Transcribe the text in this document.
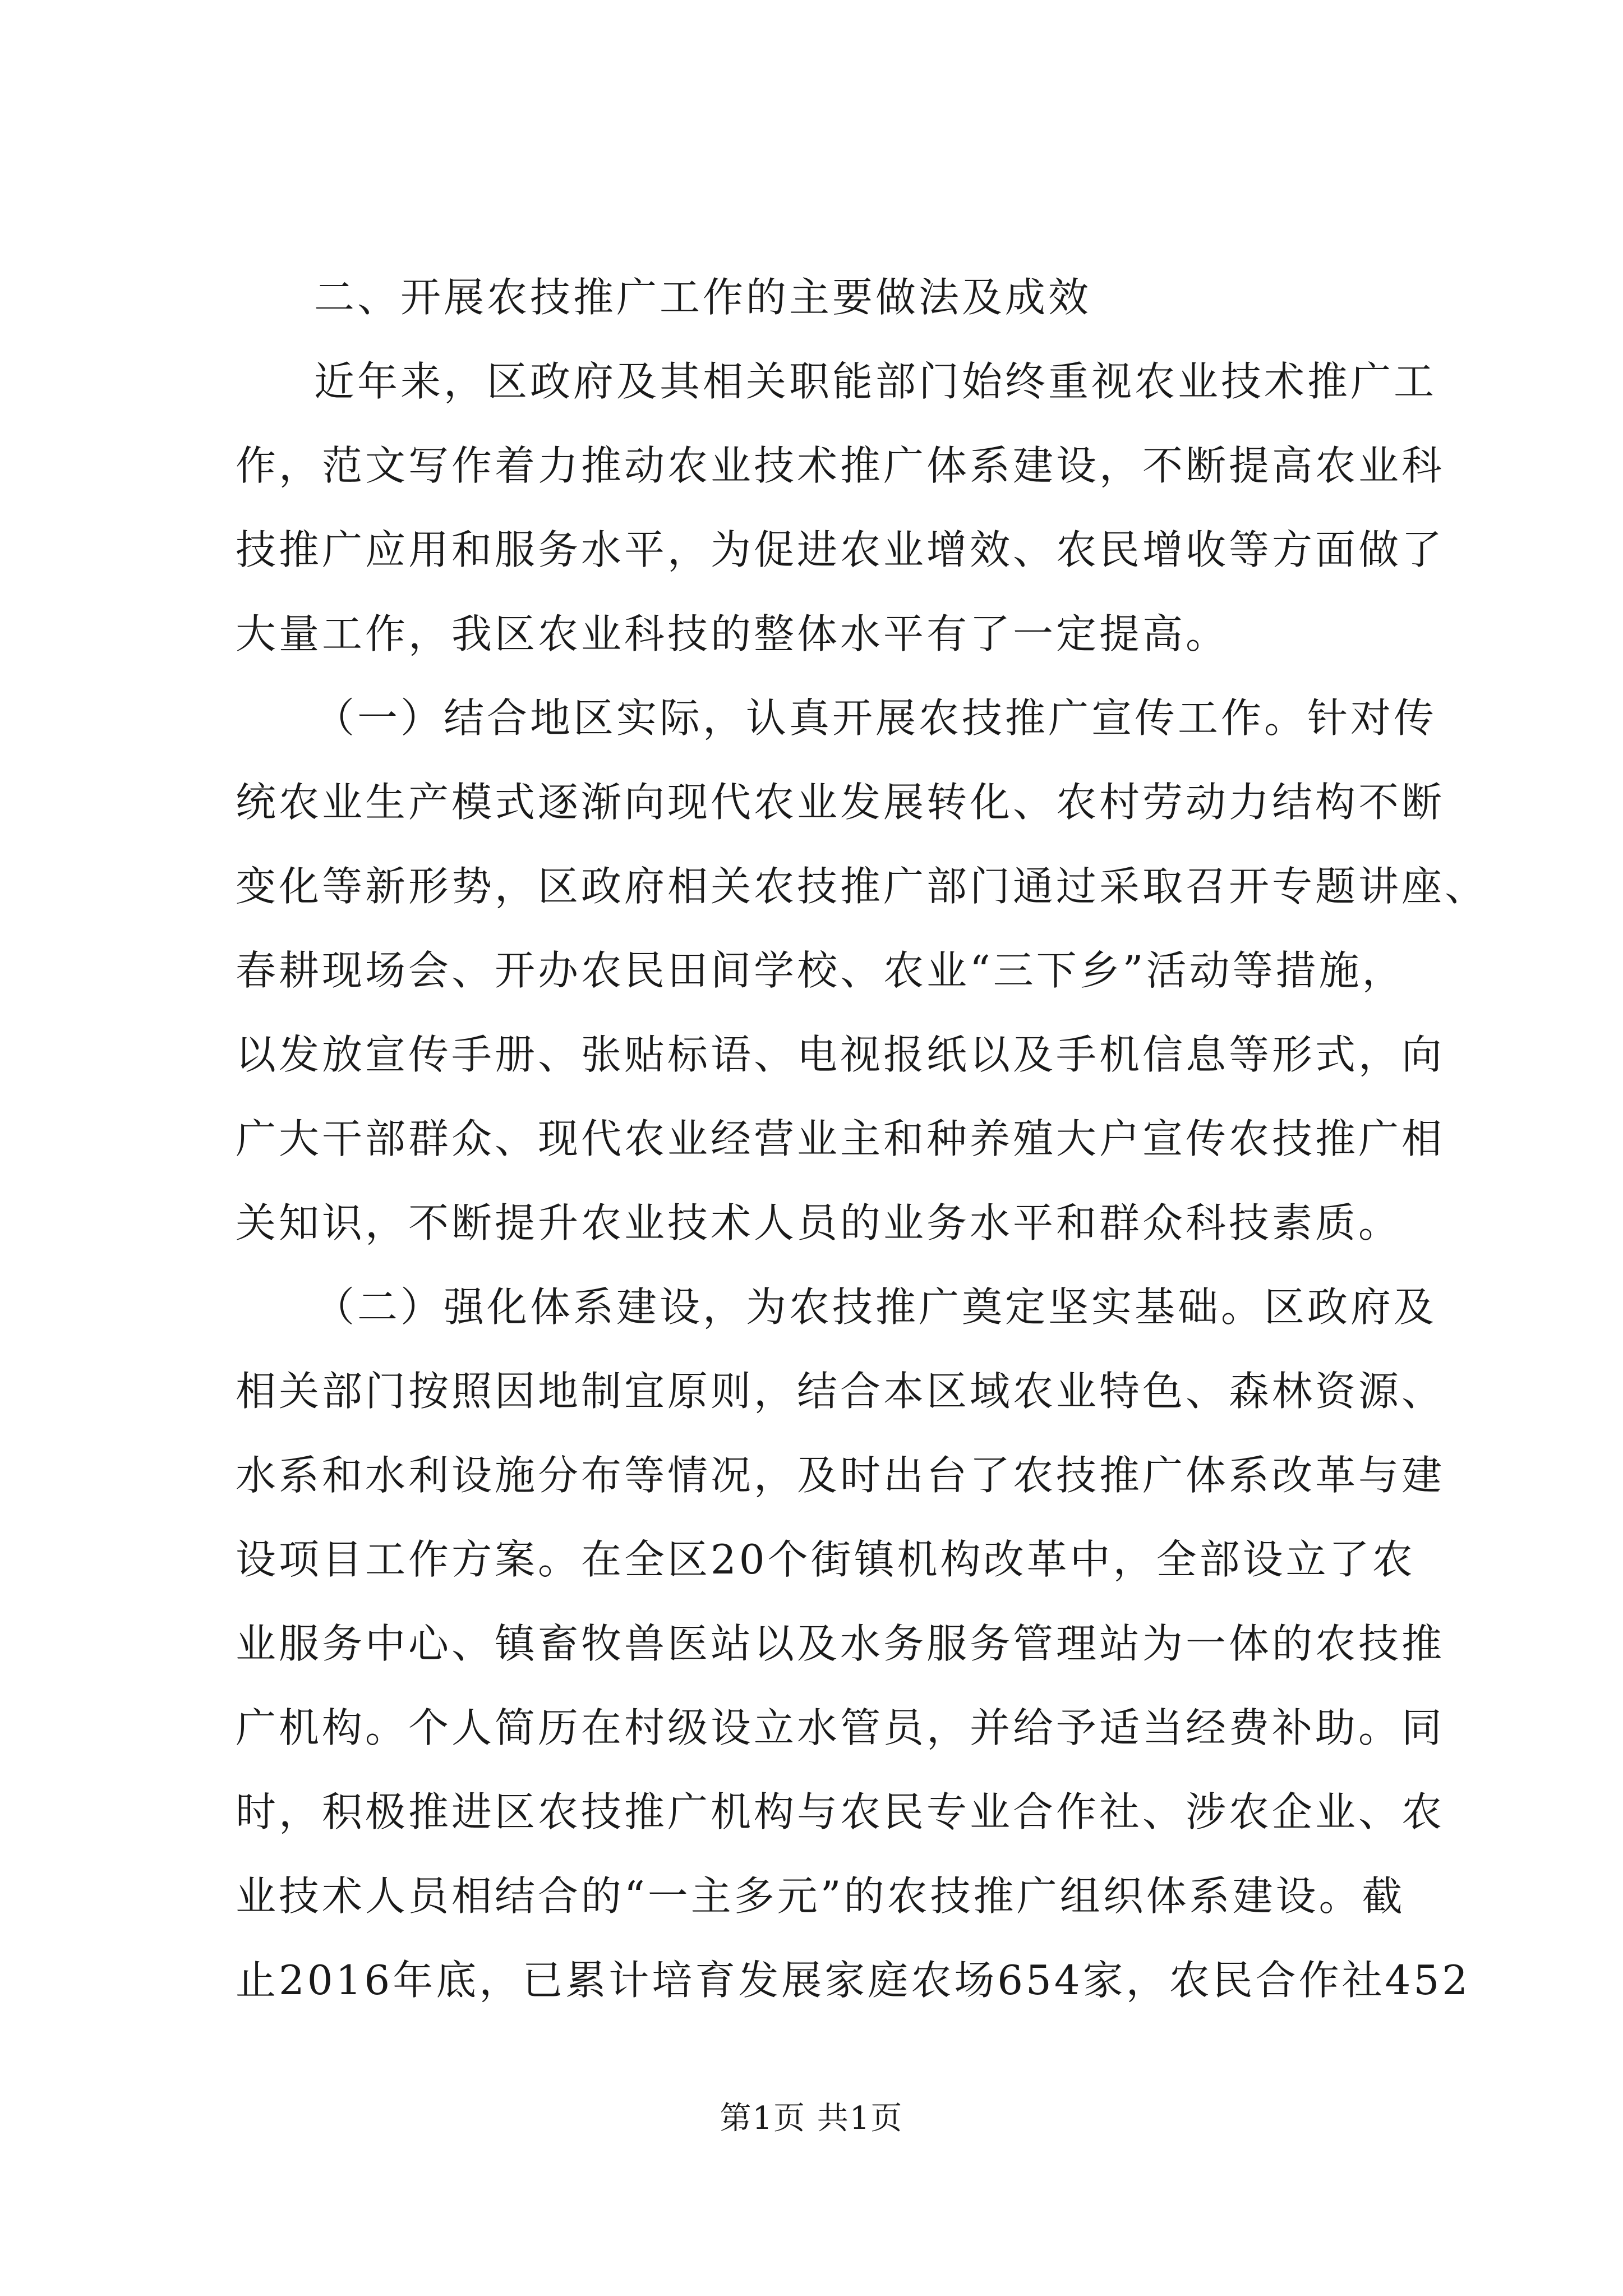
二、开展农技推广工作的主要做法及成效
近年来，区政府及其相关职能部门始终重视农业技术推广工
作，范文写作着力推动农业技术推广体系建设，不断提高农业科
技推广应用和服务水平，为促进农业增效、农民增收等方面做了
大量工作，我区农业科技的整体水平有了一定提高。
（一）结合地区实际，认真开展农技推广宣传工作。针对传
统农业生产模式逐渐向现代农业发展转化、农村劳动力结构不断
变化等新形势，区政府相关农技推广部门通过采取召开专题讲座、
春耕现场会、开办农民田间学校、农业“三下乡”活动等措施，
以发放宣传手册、张贴标语、电视报纸以及手机信息等形式，向
广大干部群众、现代农业经营业主和种养殖大户宣传农技推广相
关知识，不断提升农业技术人员的业务水平和群众科技素质。
（二）强化体系建设，为农技推广奠定坚实基础。区政府及
相关部门按照因地制宜原则，结合本区域农业特色、森林资源、
水系和水利设施分布等情况，及时出台了农技推广体系改革与建
设项目工作方案。在全区20个街镇机构改革中，全部设立了农
业服务中心、镇畜牧兽医站以及水务服务管理站为一体的农技推
广机构。个人简历在村级设立水管员，并给予适当经费补助。同
时，积极推进区农技推广机构与农民专业合作社、涉农企业、农
业技术人员相结合的“一主多元”的农技推广组织体系建设。截
止2016年底，已累计培育发展家庭农场654家，农民合作社452
第1页 共1页
